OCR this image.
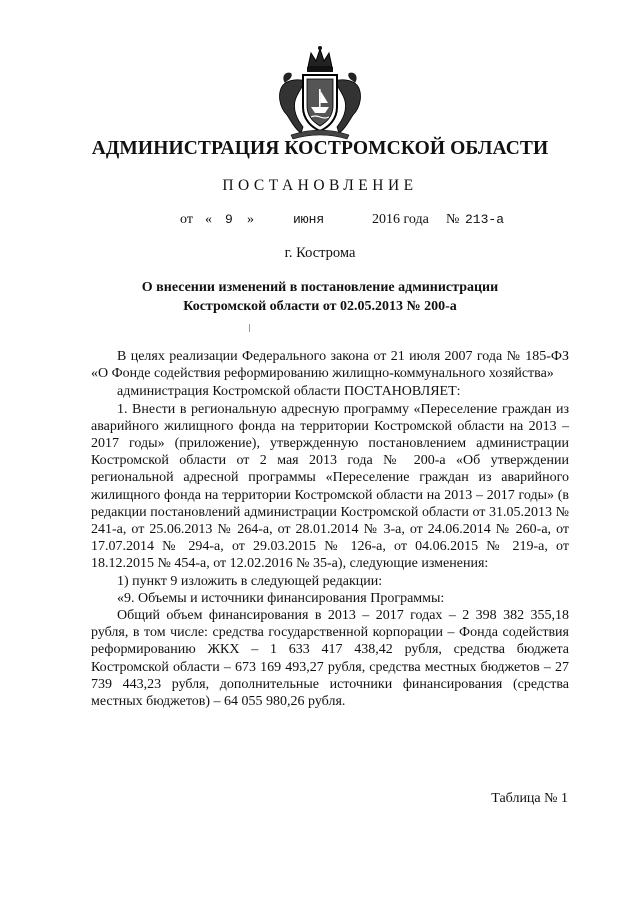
АДМИНИСТРАЦИЯ КОСТРОМСКОЙ ОБЛАСТИ
ПОСТАНОВЛЕНИЕ
от « 9 »	июня	2016 года № 213-а
г. Кострома
О внесении изменений в постановление администрации
Костромской области от 02.05.2013 № 200-а

В целях реализации Федерального закона от 21 июля 2007 года № 185-ФЗ «О Фонде содействия реформированию жилищно-коммунального хозяйства»

администрация Костромской области ПОСТАНОВЛЯЕТ:

1. Внести в региональную адресную программу «Переселение граждан из аварийного жилищного фонда на территории Костромской области на 2013 – 2017 годы» (приложение), утвержденную постановлением администрации Костромской области от 2 мая 2013 года № 200-а «Об утверждении региональной адресной программы «Переселение граждан из аварийного жилищного фонда на территории Костромской области на 2013 – 2017 годы» (в редакции постановлений администрации Костромской области от 31.05.2013 № 241-а, от 25.06.2013 № 264-а, от 28.01.2014 № 3-а, от 24.06.2014 № 260-а, от 17.07.2014 № 294-а, от 29.03.2015 № 126-а, от 04.06.2015 № 219-а, от 18.12.2015 № 454-а, от 12.02.2016 № 35-а), следующие изменения:

1) пункт 9 изложить в следующей редакции:

«9. Объемы и источники финансирования Программы:

Общий объем финансирования в 2013 – 2017 годах – 2 398 382 355,18 рубля, в том числе: средства государственной корпорации – Фонда содействия реформированию ЖКХ – 1 633 417 438,42 рубля, средства бюджета Костромской области – 673 169 493,27 рубля, средства местных бюджетов – 27 739 443,23 рубля, дополнительные источники финансирования (средства местных бюджетов) – 64 055 980,26 рубля.

Таблица № 1
